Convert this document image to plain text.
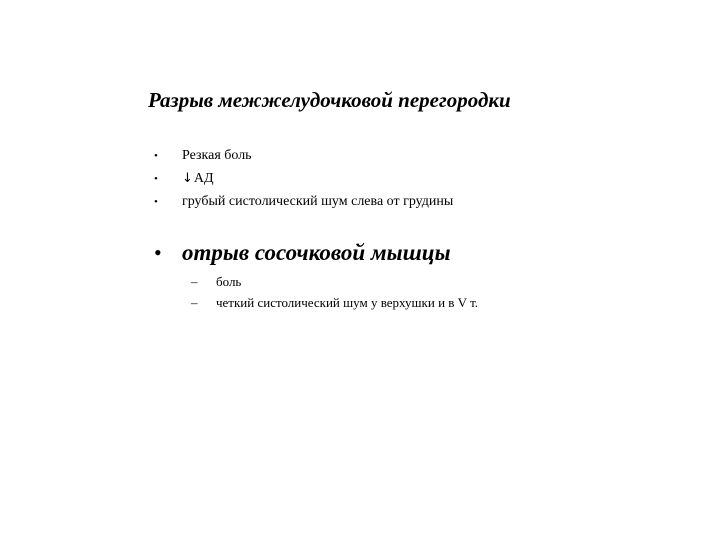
Разрыв межжелудочковой перегородки
•	Резкая боль
•	↓ АД
•	грубый систолический шум слева от грудины
• отрыв сосочковой мышцы
–	боль
–	четкий систолический шум у верхушки и в V т.
